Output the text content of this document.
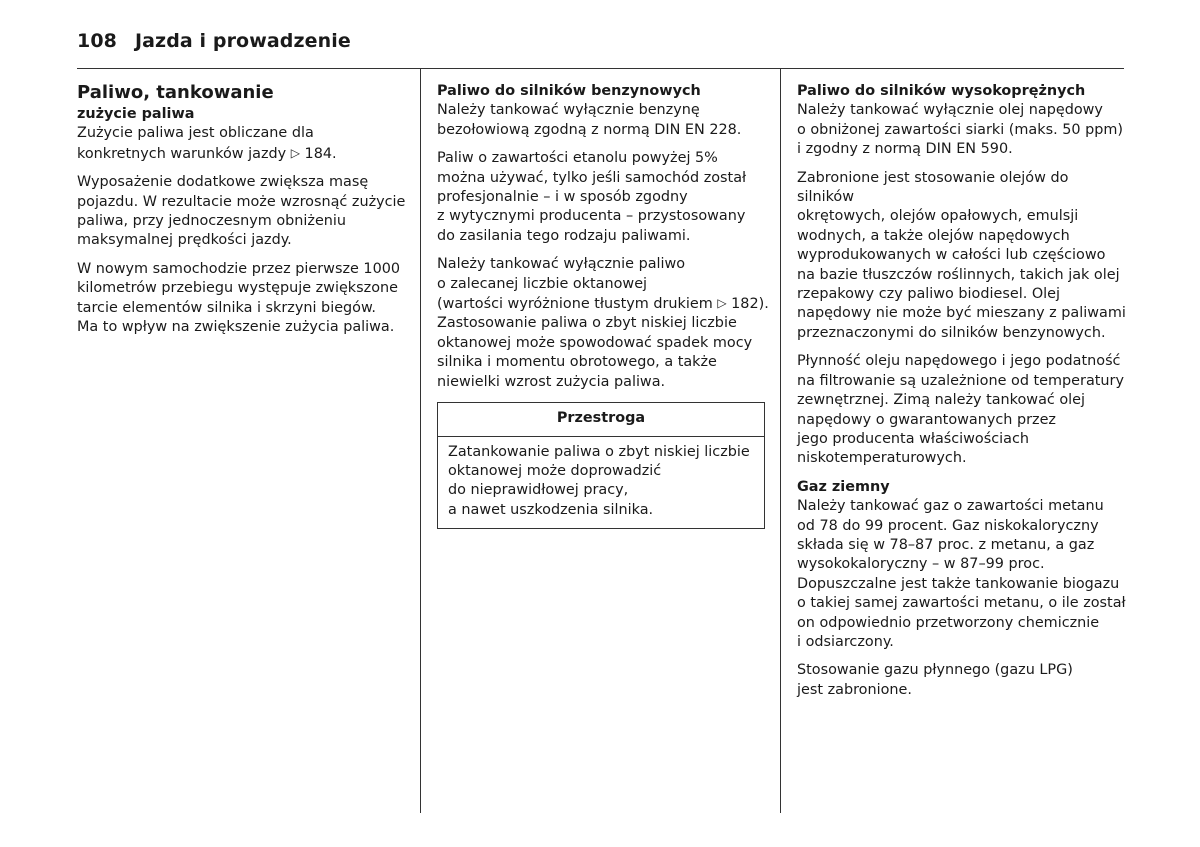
108 Jazda i prowadzenie
Paliwo, tankowanie
zużycie paliwa

Zużycie paliwa jest obliczane dla
konkretnych warunków jazdy ▷ 184.

Wyposażenie dodatkowe zwiększa masę
pojazdu. W rezultacie może wzrosnąć zużycie
paliwa, przy jednoczesnym obniżeniu
maksymalnej prędkości jazdy.

W nowym samochodzie przez pierwsze 1000
kilometrów przebiegu występuje zwiększone
tarcie elementów silnika i skrzyni biegów.
Ma to wpływ na zwiększenie zużycia paliwa.

Paliwo do silników benzynowych

Należy tankować wyłącznie benzynę
bezołowiową zgodną z normą DIN EN 228.

Paliw o zawartości etanolu powyżej 5%
można używać, tylko jeśli samochód został
profesjonalnie – i w sposób zgodny
z wytycznymi producenta – przystosowany
do zasilania tego rodzaju paliwami.

Należy tankować wyłącznie paliwo
o zalecanej liczbie oktanowej
(wartości wyróżnione tłustym drukiem ▷ 182).
Zastosowanie paliwa o zbyt niskiej liczbie
oktanowej może spowodować spadek mocy
silnika i momentu obrotowego, a także
niewielki wzrost zużycia paliwa.

Przestroga
Zatankowanie paliwa o zbyt niskiej liczbie
oktanowej może doprowadzić
do nieprawidłowej pracy,
a nawet uszkodzenia silnika.
Paliwo do silników wysokoprężnych

Należy tankować wyłącznie olej napędowy
o obniżonej zawartości siarki (maks. 50 ppm)
i zgodny z normą DIN EN 590.

Zabronione jest stosowanie olejów do silników
okrętowych, olejów opałowych, emulsji
wodnych, a także olejów napędowych
wyprodukowanych w całości lub częściowo
na bazie tłuszczów roślinnych, takich jak olej
rzepakowy czy paliwo biodiesel. Olej
napędowy nie może być mieszany z paliwami
przeznaczonymi do silników benzynowych.

Płynność oleju napędowego i jego podatność
na filtrowanie są uzależnione od temperatury
zewnętrznej. Zimą należy tankować olej
napędowy o gwarantowanych przez
jego producenta właściwościach
niskotemperaturowych.

Gaz ziemny

Należy tankować gaz o zawartości metanu
od 78 do 99 procent. Gaz niskokaloryczny
składa się w 78–87 proc. z metanu, a gaz
wysokokaloryczny – w 87–99 proc.
Dopuszczalne jest także tankowanie biogazu
o takiej samej zawartości metanu, o ile został
on odpowiednio przetworzony chemicznie
i odsiarczony.

Stosowanie gazu płynnego (gazu LPG)
jest zabronione.
